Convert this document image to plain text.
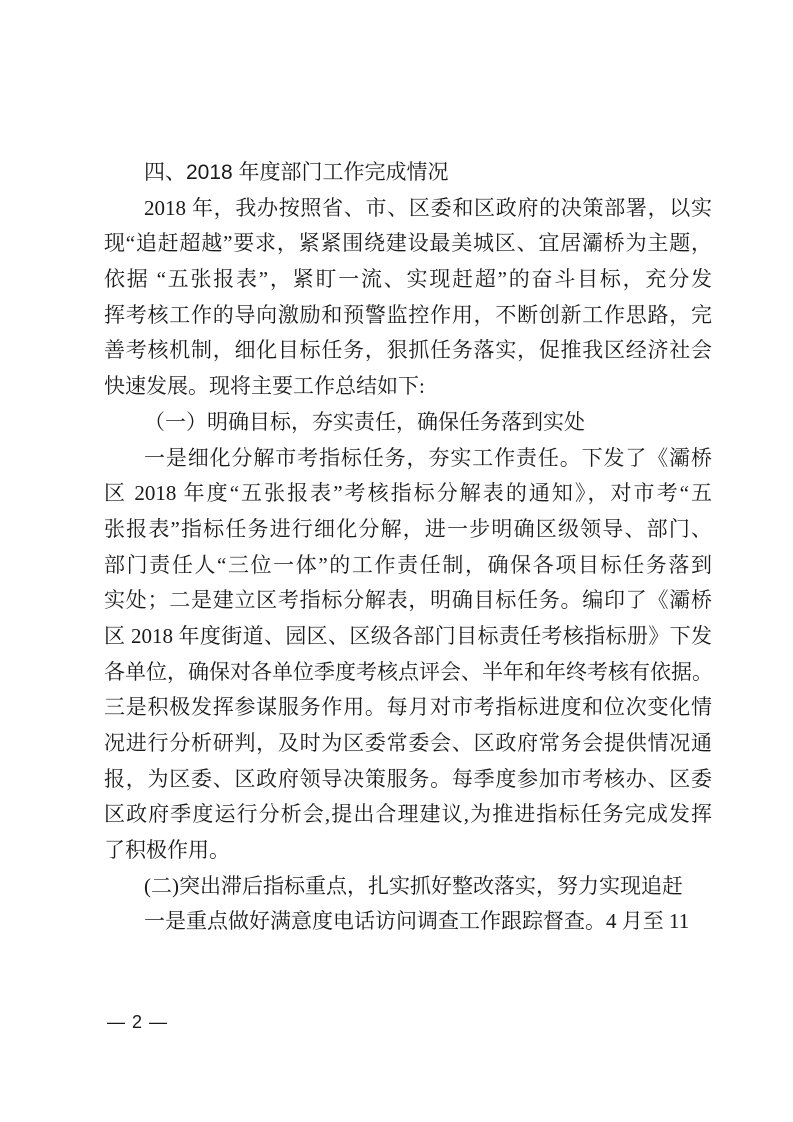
四、2018 年度部门工作完成情况
2018 年，我办按照省、市、区委和区政府的决策部署，以实
现“追赶超越”要求，紧紧围绕建设最美城区、宜居灞桥为主题，
依据 “五张报表”，紧盯一流、实现赶超”的奋斗目标，充分发
挥考核工作的导向激励和预警监控作用，不断创新工作思路，完
善考核机制，细化目标任务，狠抓任务落实，促推我区经济社会
快速发展。现将主要工作总结如下:
（一）明确目标，夯实责任，确保任务落到实处
一是细化分解市考指标任务，夯实工作责任。下发了《灞桥
区 2018 年度“五张报表”考核指标分解表的通知》，对市考“五
张报表”指标任务进行细化分解，进一步明确区级领导、部门、
部门责任人“三位一体”的工作责任制，确保各项目标任务落到
实处；二是建立区考指标分解表，明确目标任务。编印了《灞桥
区 2018 年度街道、园区、区级各部门目标责任考核指标册》下发
各单位，确保对各单位季度考核点评会、半年和年终考核有依据。
三是积极发挥参谋服务作用。每月对市考指标进度和位次变化情
况进行分析研判，及时为区委常委会、区政府常务会提供情况通
报，为区委、区政府领导决策服务。每季度参加市考核办、区委
区政府季度运行分析会,提出合理建议,为推进指标任务完成发挥
了积极作用。
(二)突出滞后指标重点，扎实抓好整改落实，努力实现追赶
一是重点做好满意度电话访问调查工作跟踪督查。4 月至 11
— 2 —
